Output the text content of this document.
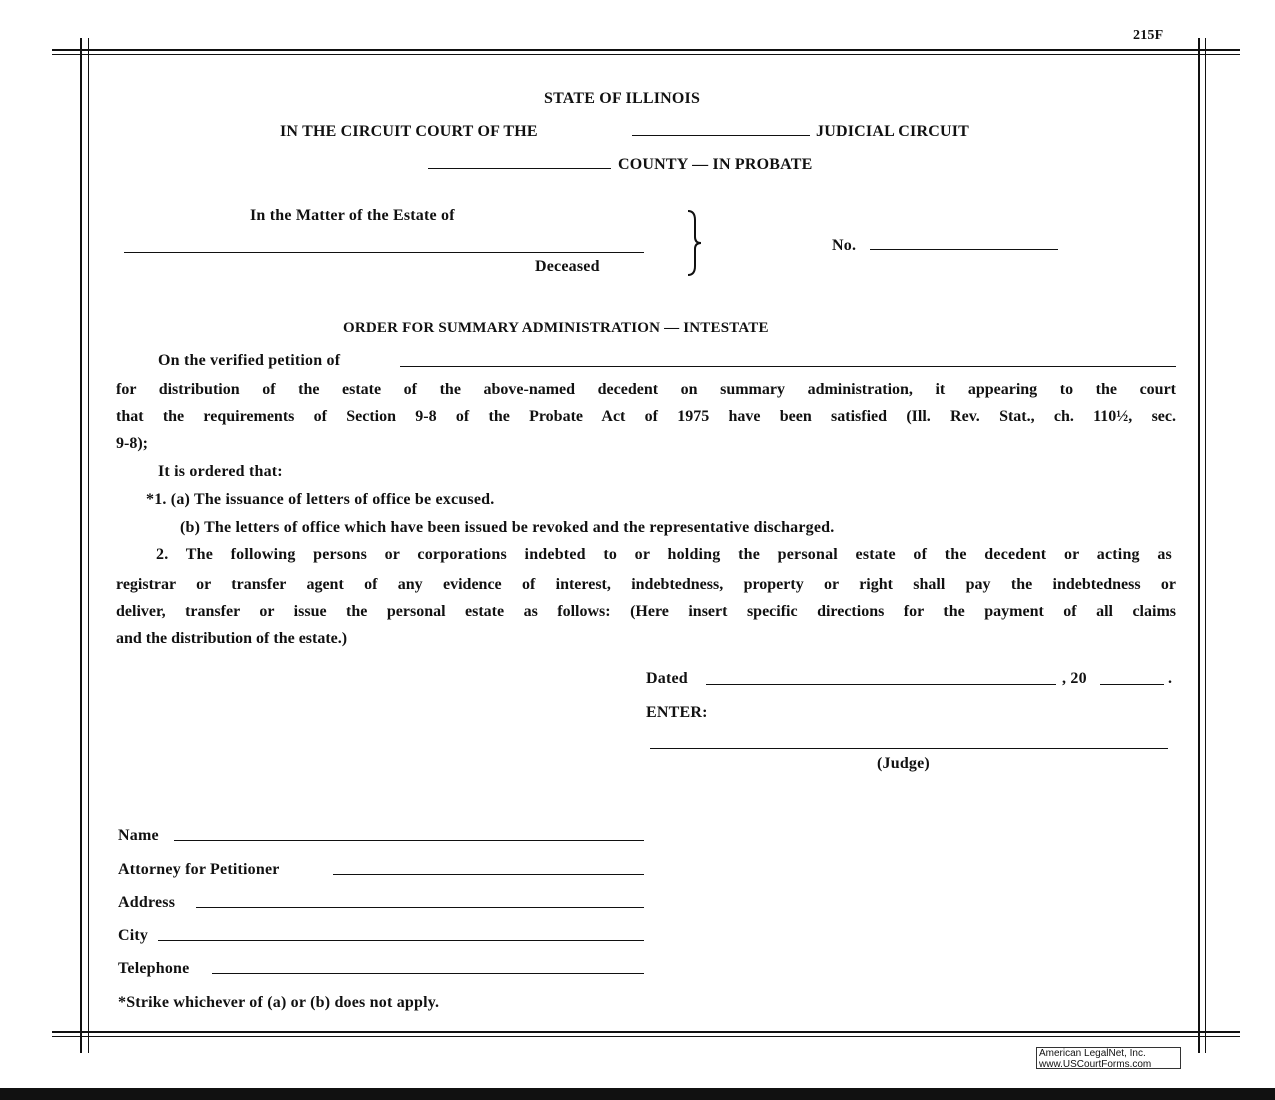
215F
STATE OF ILLINOIS
IN THE CIRCUIT COURT OF THE	JUDICIAL CIRCUIT
COUNTY — IN PROBATE
In the Matter of the Estate of
Deceased
No.
ORDER FOR SUMMARY ADMINISTRATION — INTESTATE
On the verified petition of
for distribution of the estate of the above-named decedent on summary administration, it appearing to the court
that the requirements of Section 9-8 of the Probate Act of 1975 have been satisfied (Ill. Rev. Stat., ch. 110½, sec.
9-8);
It is ordered that:
*1. (a) The issuance of letters of office be excused.
(b) The letters of office which have been issued be revoked and the representative discharged.
2. The following persons or corporations indebted to or holding the personal estate of the decedent or acting as
registrar or transfer agent of any evidence of interest, indebtedness, property or right shall pay the indebtedness or
deliver, transfer or issue the personal estate as follows: (Here insert specific directions for the payment of all claims
and the distribution of the estate.)
Dated	, 20	.
ENTER:
(Judge)
Name
Attorney for Petitioner
Address
City
Telephone
*Strike whichever of (a) or (b) does not apply.
American LegalNet, Inc.
www.USCourtForms.com
